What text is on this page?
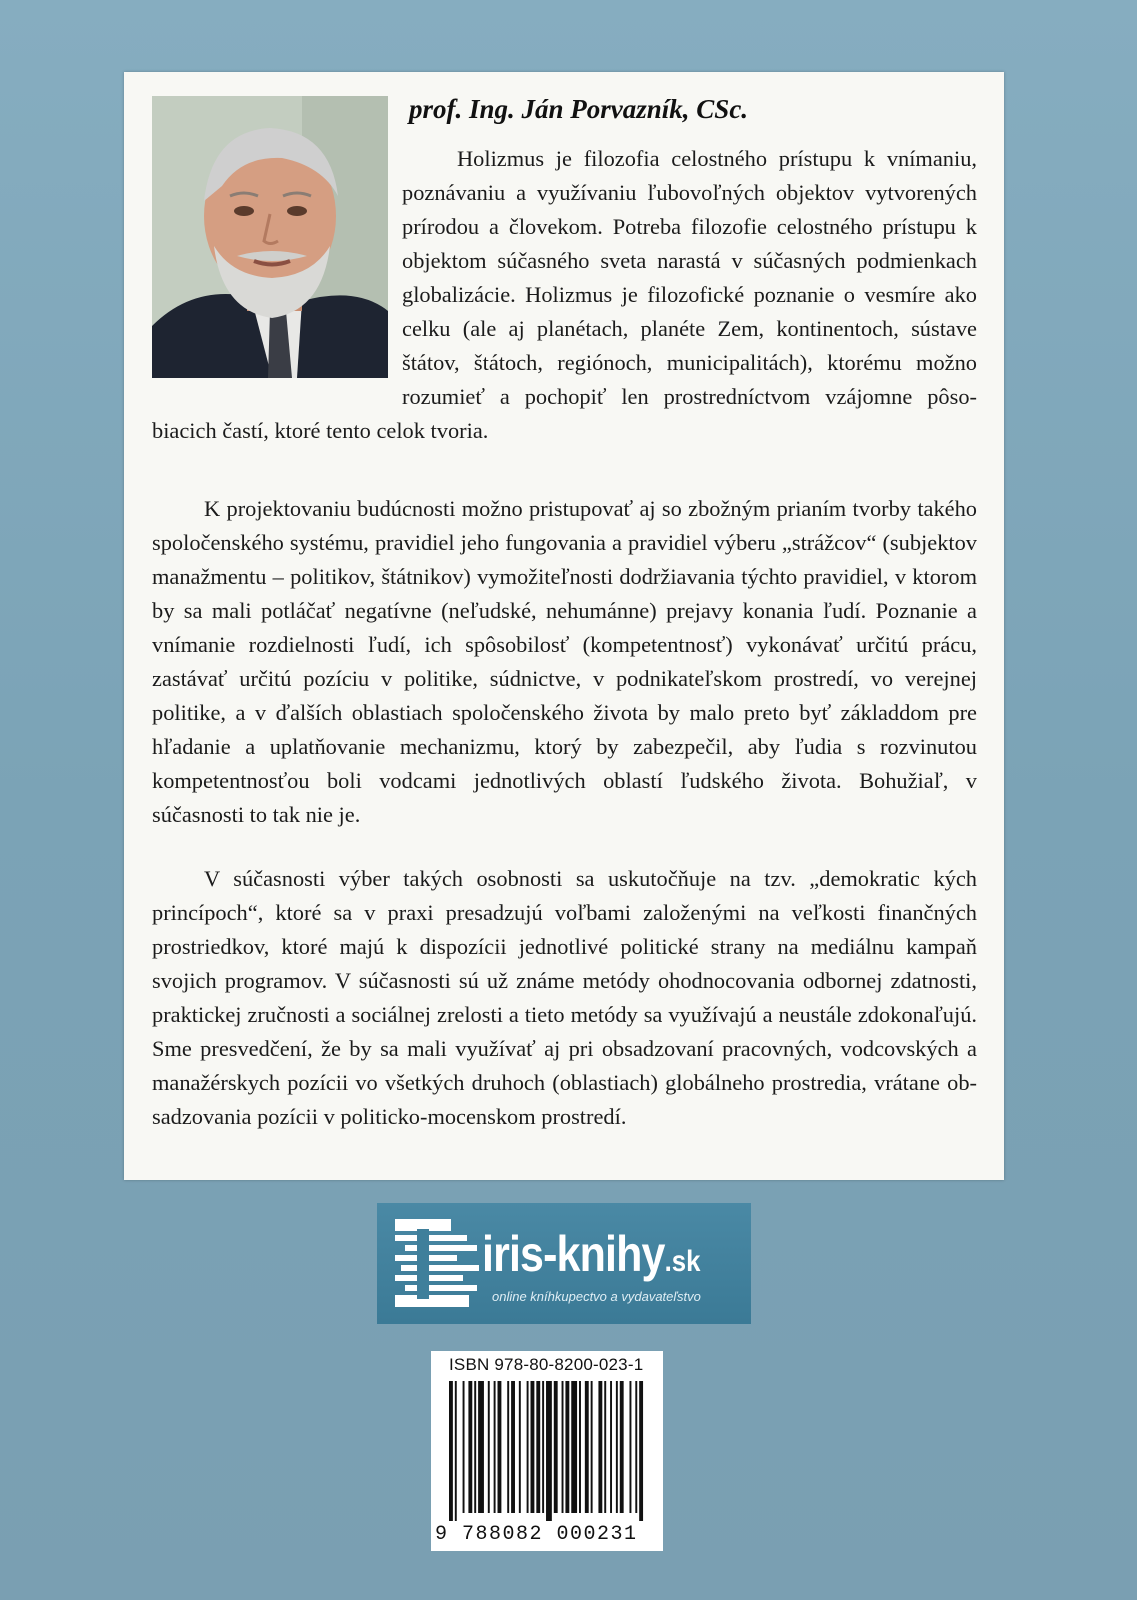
prof. Ing. Ján Porvazník, CSc.

Holizmus je filozofia celostného prístupu k vnímaniu, poznávaniu a využívaniu ľubovoľných objektov vytvorených prírodou a človekom. Potreba filozofie celostného prístupu k objektom súčasného sveta narastá v súčasných podmienkach globalizácie. Holizmus je filozofické poznanie o vesmíre ako celku (ale aj planétach, planéte Zem, kontinentoch, sústave štátov, štátoch, regiónoch, municipalitách), ktorému možno rozumieť a pochopiť len prostredníctvom vzájomne pôsobiacich častí, ktoré tento celok tvoria.

K projektovaniu budúcnosti možno pristupovať aj so zbožným prianím tvorby takého spoločenského systému, pravidiel jeho fungovania a pravidiel výberu „strážcov“ (subjektov manažmentu – politikov, štátnikov) vymožiteľnosti dodržiavania týchto pravidiel, v ktorom by sa mali potláčať negatívne (neľudské, nehumánne) prejavy konania ľudí. Poznanie a vnímanie rozdielnosti ľudí, ich spôsobilosť (kompetentnosť) vykonávať určitú prácu, zastávať určitú pozíciu v politike, súdnictve, v podnikateľskom prostredí, vo verejnej politike, a v ďalších oblastiach spoločenského života by malo preto byť základdom pre hľadanie a uplatňovanie mechanizmu, ktorý by zabezpečil, aby ľudia s rozvinutou kompetentnosťou boli vodcami jednotlivých oblastí ľudského života. Bohužiaľ, v súčasnosti to tak nie je.

V súčasnosti výber takých osobnosti sa uskutočňuje na tzv. „demokratic kých princípoch“, ktoré sa v praxi presadzujú voľbami založenými na veľkosti finančných prostriedkov, ktoré majú k dispozícii jednotlivé politické strany na mediálnu kampaň svojich programov. V súčasnosti sú už známe metódy ohodnocovania odbornej zdatnosti, praktickej zručnosti a sociálnej zrelosti a tieto metódy sa využívajú a neustále zdokonaľujú. Sme presvedčení, že by sa mali využívať aj pri obsadzovaní pracovných, vodcovských a manažérskych pozícii vo všetkých druhoch (oblastiach) globálneho prostredia, vrátane obsadzovania pozícii v politicko-mocenskom prostredí.

iris-knihy.sk
online kníhkupectvo a vydavateľstvo
ISBN 978-80-8200-023-1
9 788082 000231
